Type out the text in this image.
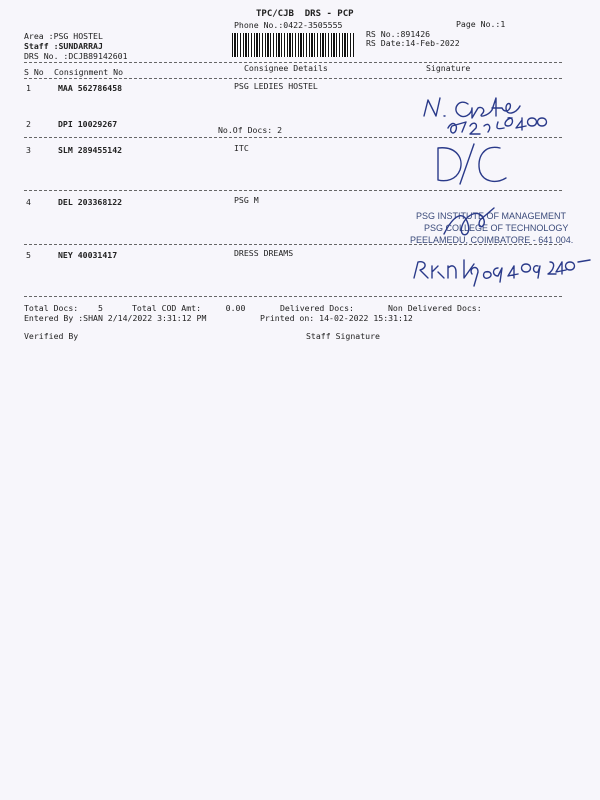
TPC/CJB  DRS - PCP
Phone No.:0422-3505555	Page No.:1
RS No.:891426
RS Date:14-Feb-2022
Area :PSG HOSTEL
Staff :SUNDARRAJ
DRS No. :DCJB89142601
S No Consignment No	Consignee Details	Signature
1	MAA 562786458	PSG LEDIES HOSTEL
2	DPI 10029267
No.Of Docs: 2
3	SLM 289455142	ITC
4	DEL 203368122	PSG M
5	NEY 40031417	DRESS DREAMS
PSG INSTITUTE OF MANAGEMENT
PSG COLLEGE OF TECHNOLOGY
PEELAMEDU, COIMBATORE - 641 004.
Total Docs:    5	Total COD Amt:     0.00	Delivered Docs:	Non Delivered Docs:
Entered By :SHAN 2/14/2022 3:31:12 PM	Printed on: 14-02-2022 15:31:12
Verified By	Staff Signature
